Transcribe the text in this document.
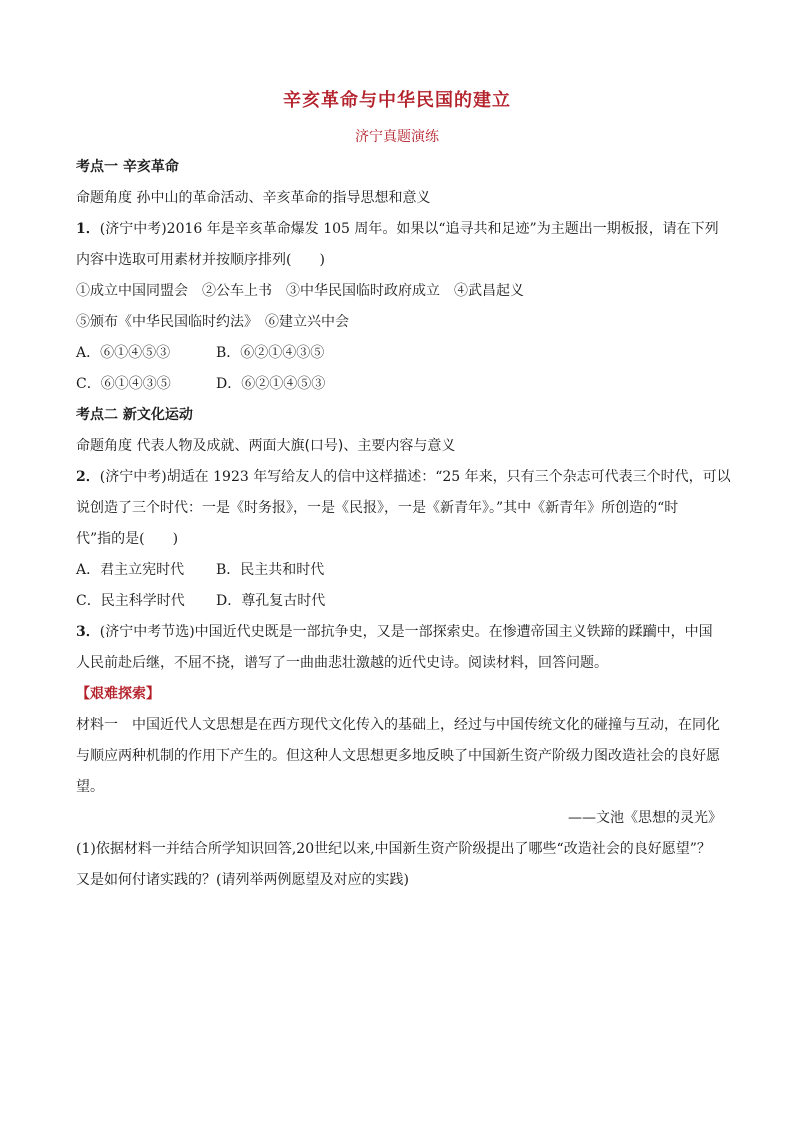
辛亥革命与中华民国的建立
济宁真题演练
考点一 辛亥革命
命题角度 孙中山的革命活动、辛亥革命的指导思想和意义
1．(济宁中考)2016 年是辛亥革命爆发 105 周年。如果以“追寻共和足迹”为主题出一期板报，请在下列
内容中选取可用素材并按顺序排列(　　)
①成立中国同盟会　②公车上书　③中华民国临时政府成立　④武昌起义
⑤颁布《中华民国临时约法》　⑥建立兴中会
A．⑥①④⑤③	B．⑥②①④③⑤
C．⑥①④③⑤	D．⑥②①④⑤③
考点二 新文化运动
命题角度 代表人物及成就、两面大旗(口号)、主要内容与意义
2．(济宁中考)胡适在 1923 年写给友人的信中这样描述：“25 年来，只有三个杂志可代表三个时代，可以
说创造了三个时代：一是《时务报》，一是《民报》，一是《新青年》。”其中《新青年》所创造的“时
代”指的是(　　)
A．君主立宪时代	B．民主共和时代
C．民主科学时代	D．尊孔复古时代
3．(济宁中考节选)中国近代史既是一部抗争史，又是一部探索史。在惨遭帝国主义铁蹄的蹂躏中，中国
人民前赴后继，不屈不挠，谱写了一曲曲悲壮激越的近代史诗。阅读材料，回答问题。
【艰难探索】
材料一　中国近代人文思想是在西方现代文化传入的基础上，经过与中国传统文化的碰撞与互动，在同化
与顺应两种机制的作用下产生的。但这种人文思想更多地反映了中国新生资产阶级力图改造社会的良好愿
望。
——文池《思想的灵光》
(1)依据材料一并结合所学知识回答,20世纪以来,中国新生资产阶级提出了哪些“改造社会的良好愿望”？
又是如何付诸实践的？(请列举两例愿望及对应的实践)
